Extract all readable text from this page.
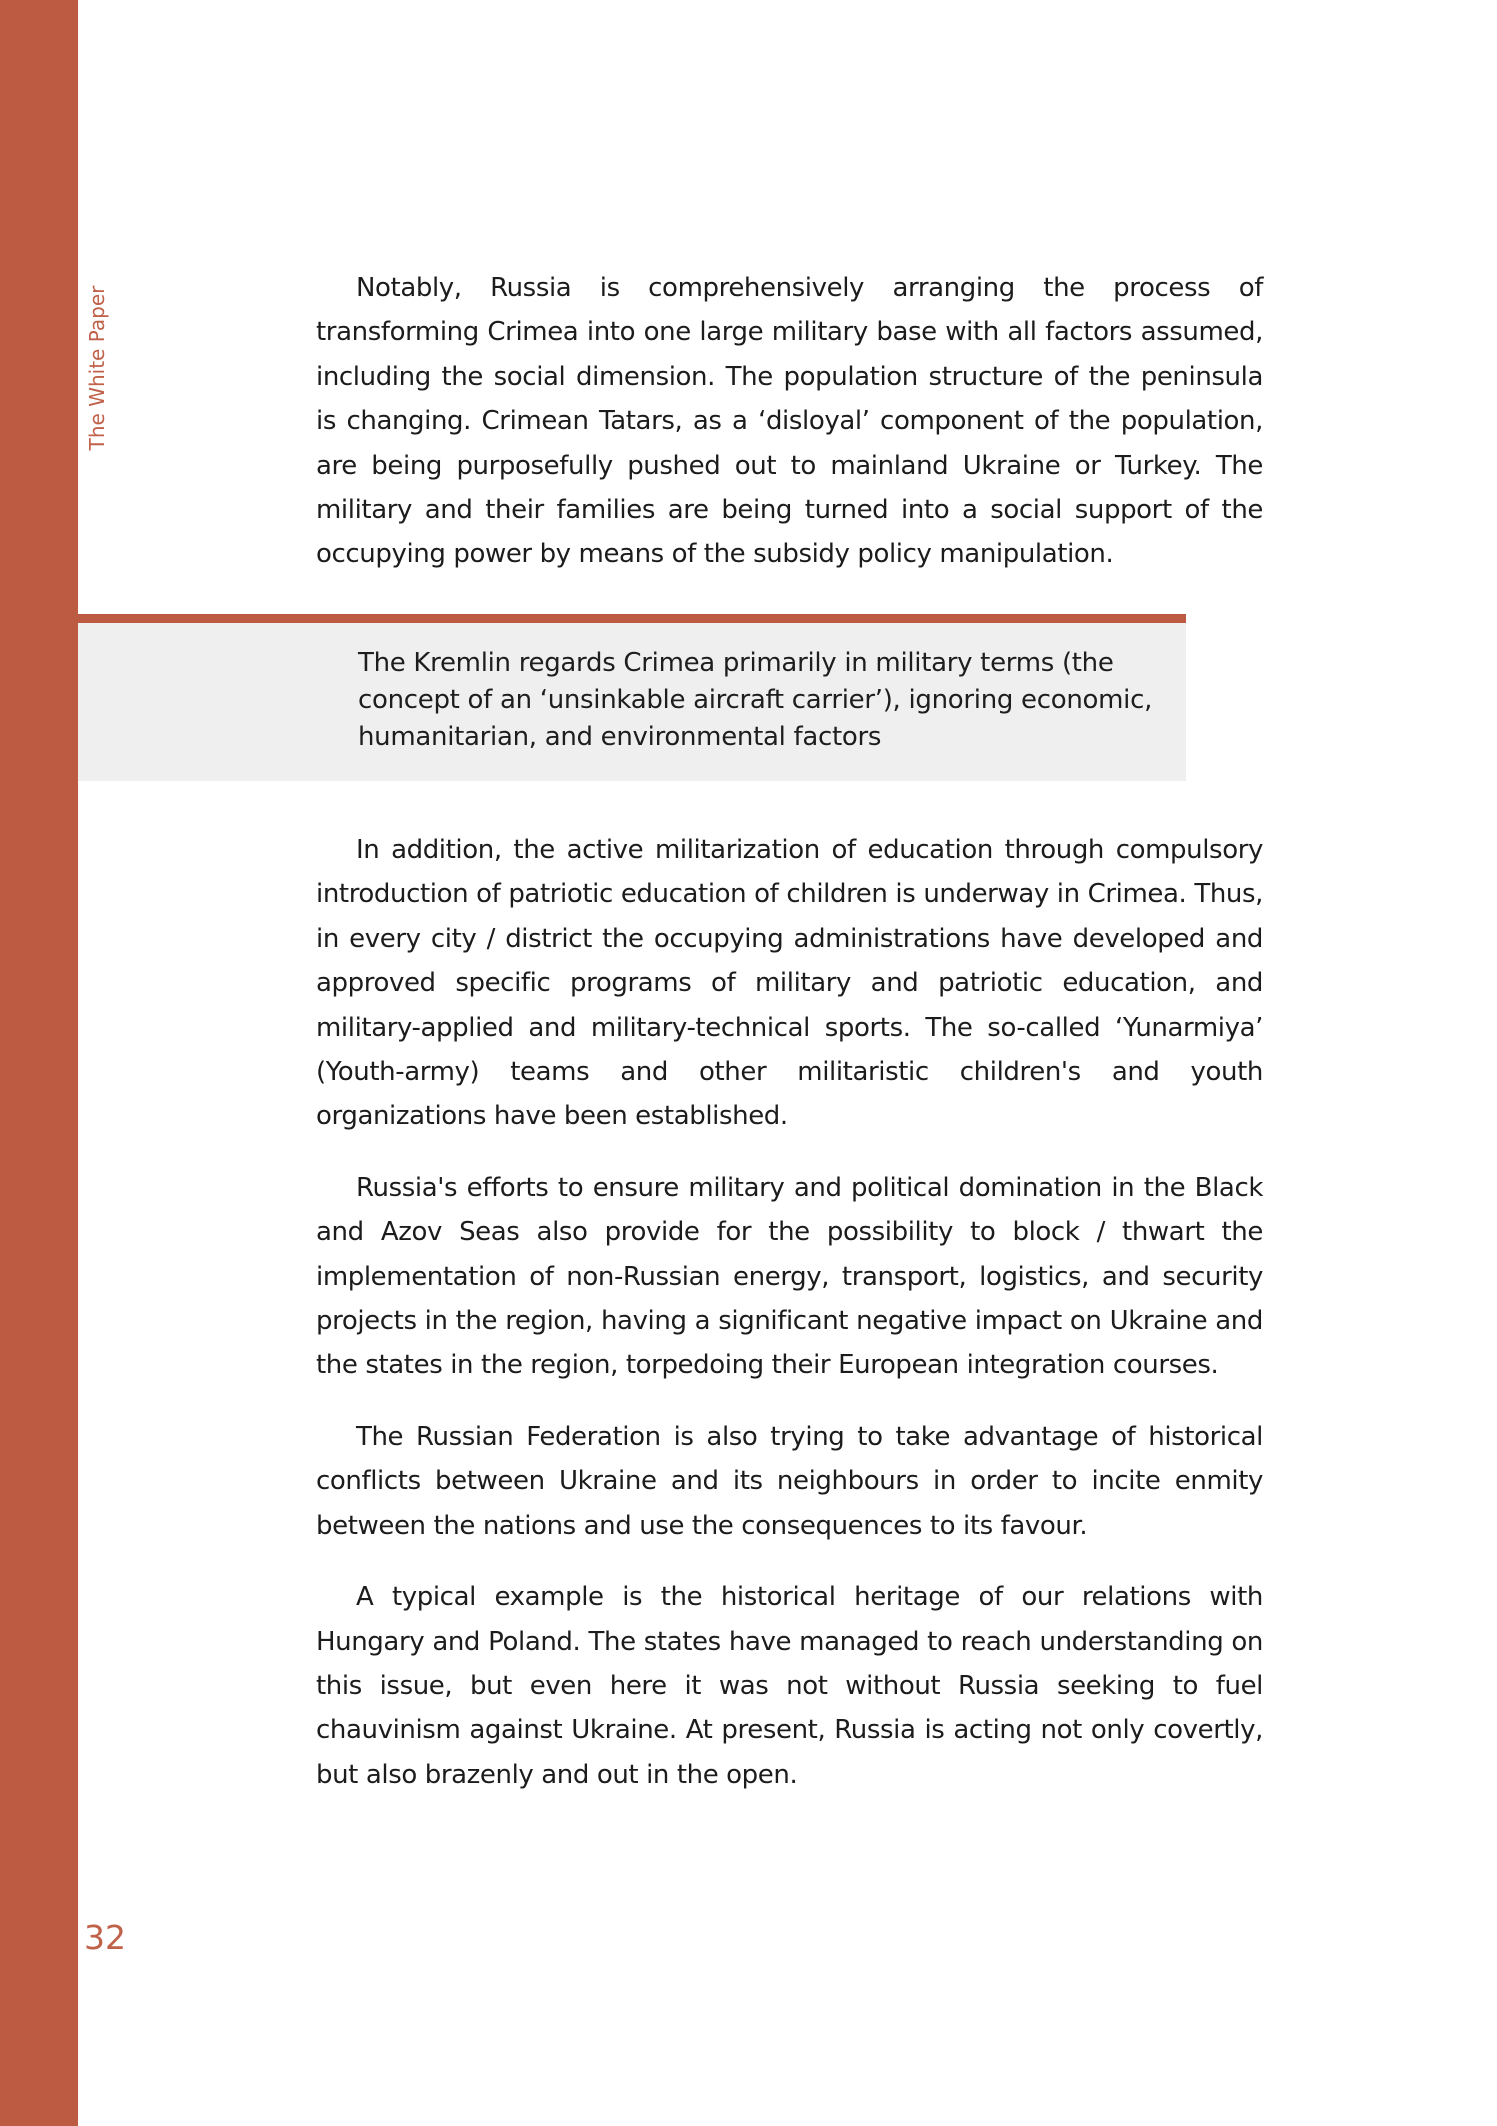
The White Paper	Notably, Russia is comprehensively arranging the process of transforming Crimea into one large military base with all factors assumed, including the social dimension. The population structure of the peninsula is changing. Crimean Tatars, as a ‘disloyal’ component of the population, are being purposefully pushed out to mainland Ukraine or Turkey. The military and their families are being turned into a social support of the occupying power by means of the subsidy policy manipulation.

The Kremlin regards Crimea primarily in military terms (the concept of an ‘unsinkable aircraft carrier’), ignoring economic, humanitarian, and environmental factors

In addition, the active militarization of education through compulsory introduction of patriotic education of children is underway in Crimea. Thus, in every city / district the occupying administrations have developed and approved specific programs of military and patriotic education, and military-applied and military-technical sports. The so-called ‘Yunarmiya’ (Youth-army) teams and other militaristic children's and youth organizations have been established.

Russia's efforts to ensure military and political domination in the Black and Azov Seas also provide for the possibility to block / thwart the implementation of non-Russian energy, transport, logistics, and security projects in the region, having a significant negative impact on Ukraine and the states in the region, torpedoing their European integration courses.

The Russian Federation is also trying to take advantage of historical conflicts between Ukraine and its neighbours in order to incite enmity between the nations and use the consequences to its favour.

A typical example is the historical heritage of our relations with Hungary and Poland. The states have managed to reach understanding on this issue, but even here it was not without Russia seeking to fuel chauvinism against Ukraine. At present, Russia is acting not only covertly, but also brazenly and out in the open.

32
